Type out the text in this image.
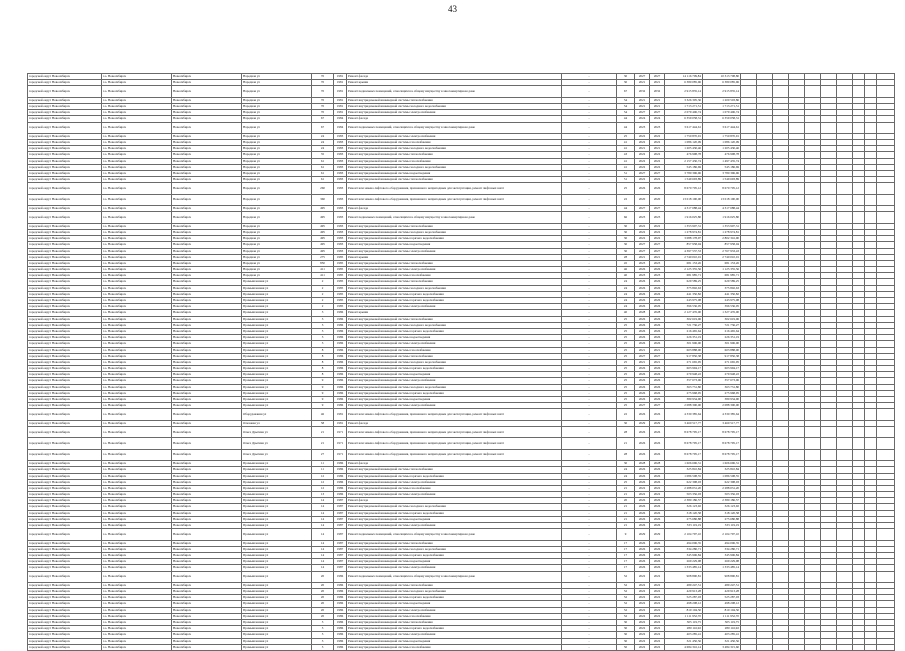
43
городской округ Новосибирск	г.о. Новосибирск	Новосибирск	Народная ул	70	1981	Ремонт фасада	-	30	2027	2027	14 116 709,84	10 313 708,80										
городской округ Новосибирск	г.о. Новосибирск	Новосибирск	Народная ул	70	1981	Ремонт крыши	-	30	2021	2021	6 380 085,96	6 380 085,96										
городской округ Новосибирск	г.о. Новосибирск	Новосибирск	Народная ул	70	1981	Ремонт подвальных помещений, относящихся к общему имуществу в многоквартирном доме	-	67	2032	2032	2 915 835,14	2 915 835,14										
городской округ Новосибирск	г.о. Новосибирск	Новосибирск	Народная ул	70	1981	Ремонт внутридомовой инженерной системы теплоснабжения	-	54	2021	2021	3 326 305,36	1 200 503,86										
городской округ Новосибирск	г.о. Новосибирск	Новосибирск	Народная ул	70	1981	Ремонт внутридомовой инженерной системы холодного водоснабжения	-	54	2021	2021	1 713 271,51	1 713 271,51										
городской округ Новосибирск	г.о. Новосибирск	Новосибирск	Народная ул	70	1981	Ремонт внутридомовой инженерной системы электроснабжения	-	54	2027	2027	2 079 406,74	1 079 406,74										
городской округ Новосибирск	г.о. Новосибирск	Новосибирск	Народная ул	67	1984	Ремонт фасада	-	44	2024	2024	6 359 058,31	6 359 058,31										
городской округ Новосибирск	г.о. Новосибирск	Новосибирск	Народная ул	67	1984	Ремонт подвальных помещений, относящихся к общему имуществу в многоквартирном доме	-	44	2023	2023	3 617 444,61	3 617 444,61										
городской округ Новосибирск	г.о. Новосибирск	Новосибирск	Народная ул	24	1983	Ремонт внутридомовой инженерной системы электроснабжения	-	25	2022	2022	1 750 870,91	1 750 870,91										
городской округ Новосибирск	г.о. Новосибирск	Новосибирск	Народная ул	24	1983	Ремонт внутридомовой инженерной системы газоснабжения	-	41	2022	2022	1 086 120,09	1 086 120,09										
городской округ Новосибирск	г.о. Новосибирск	Новосибирск	Народная ул	24	1983	Ремонт внутридомовой инженерной системы холодного водоснабжения	-	41	2021	2021	1 205 430,46	1 205 430,46										
городской округ Новосибирск	г.о. Новосибирск	Новосибирск	Народная ул	35	1983	Ремонт внутридомовой инженерной системы теплоснабжения	-	43	2022	2022	476 998,78	476 998,78										
городской округ Новосибирск	г.о. Новосибирск	Новосибирск	Народная ул	61	1983	Ремонт внутридомовой инженерной системы газоснабжения	-	41	2022	2022	2 157 430,74	1 497 435,74										
городской округ Новосибирск	г.о. Новосибирск	Новосибирск	Народная ул	61	1983	Ремонт внутридомовой инженерной системы холодного водоснабжения	-	41	2022	2022	545 186,69	545 186,69										
городской округ Новосибирск	г.о. Новосибирск	Новосибирск	Народная ул	61	1983	Ремонт внутридомовой инженерной системы водоотведения	-	51	2027	2027	3 780 396,96	3 780 396,96										
городской округ Новосибирск	г.о. Новосибирск	Новосибирск	Народная ул	61	1983	Ремонт внутридомовой инженерной системы теплоснабжения	-	51	2022	2022	1 549 693,89	1 549 693,89										
городской округ Новосибирск	г.о. Новосибирск	Новосибирск	Народная ул	260	1983	Ремонт или замена лифтового оборудования, признанного непригодным для эксплуатации, ремонт лифтовых шахт	-	25	2026	2026	8 670 705,12	8 670 705,12										
городской округ Новосибирск	г.о. Новосибирск	Новосибирск	Народная ул	360	1983	Ремонт или замена лифтового оборудования, признанного непригодным для эксплуатации, ремонт лифтовых шахт	-	22	2020	2020	13 018 190,00	13 018 190,00										
городской округ Новосибирск	г.о. Новосибирск	Новосибирск	Народная ул	495	1983	Ремонт фасада	-	44	2027	2027	4 317 688,44	4 317 688,44										
городской округ Новосибирск	г.о. Новосибирск	Новосибирск	Народная ул	495	1983	Ремонт подвальных помещений, относящихся к общему имуществу в многоквартирном доме	-	66	2023	2023	1 916 025,80	1 916 025,80										
городской округ Новосибирск	г.о. Новосибирск	Новосибирск	Народная ул	495	1983	Ремонт внутридомовой инженерной системы теплоснабжения	-	30	2022	2022	1 353 907,31	1 353 907,31										
городской округ Новосибирск	г.о. Новосибирск	Новосибирск	Народная ул	495	1983	Ремонт внутридомовой инженерной системы холодного водоснабжения	-	30	2022	2022	1 278 974,81	1 278 974,81										
городской округ Новосибирск	г.о. Новосибирск	Новосибирск	Народная ул	495	1983	Ремонт внутридомовой инженерной системы горячего водоснабжения	-	30	2022	2022	3 088 178,97	2 802 316,90										
городской округ Новосибирск	г.о. Новосибирск	Новосибирск	Народная ул	495	1983	Ремонт внутридомовой инженерной системы водоотведения	-	30	2027	2027	857 958,04	857 958,04										
городской округ Новосибирск	г.о. Новосибирск	Новосибирск	Народная ул	495	1983	Ремонт внутридомовой инженерной системы электроснабжения	-	30	2027	2027	4 397 537,53	2 767 933,43										
городской округ Новосибирск	г.о. Новосибирск	Новосибирск	Народная ул	275	1985	Ремонт крыши	-	28	2021	2021	2 740 010,01	2 740 010,01										
городской округ Новосибирск	г.о. Новосибирск	Новосибирск	Народная ул	850	1985	Ремонт внутридомовой инженерной системы теплоснабжения	-	45	2023	2023	681 153,26	681 153,26										
городской округ Новосибирск	г.о. Новосибирск	Новосибирск	Народная ул	411	1985	Ремонт внутридомовой инженерной системы электроснабжения	-	46	2026	2026	2 125 355,56	1 125 355,56										
городской округ Новосибирск	г.о. Новосибирск	Новосибирск	Народная ул	411	1985	Ремонт внутридомовой инженерной системы газоснабжения	-	40	2023	2023	681 985,71	681 985,71										
городской округ Новосибирск	г.о. Новосибирск	Новосибирск	Промышленная ул	2	1985	Ремонт внутридомовой инженерной системы теплоснабжения	-	24	2026	2026	629 589,25	629 589,25										
городской округ Новосибирск	г.о. Новосибирск	Новосибирск	Промышленная ул	2	1985	Ремонт внутридомовой инженерной системы холодного водоснабжения	-	24	2026	2026	375 802,63	375 802,63										
городской округ Новосибирск	г.о. Новосибирск	Новосибирск	Промышленная ул	2	1985	Ремонт внутридомовой инженерной системы горячего водоснабжения	-	24	2026	2026	441 350,82	441 350,82										
городской округ Новосибирск	г.о. Новосибирск	Новосибирск	Промышленная ул	2	1985	Ремонт внутридомовой инженерной системы горячего водоснабжения	-	24	2026	2026	243 975,08	243 975,08										
городской округ Новосибирск	г.о. Новосибирск	Новосибирск	Промышленная ул	2	1985	Ремонт внутридомовой инженерной системы электроснабжения	-	24	2026	2026	396 536,05	396 536,05										
городской округ Новосибирск	г.о. Новосибирск	Новосибирск	Промышленная ул	3	1986	Ремонт крыши	-	40	2028	2028	2 127 476,00	1 327 476,00										
городской округ Новосибирск	г.о. Новосибирск	Новосибирск	Промышленная ул	3	1986	Ремонт внутридомовой инженерной системы теплоснабжения	-	25	2026	2026	302 619,06	302 619,06										
городской округ Новосибирск	г.о. Новосибирск	Новосибирск	Промышленная ул	3	1986	Ремонт внутридомовой инженерной системы холодного водоснабжения	-	25	2026	2026	721 736,27	721 736,27										
городской округ Новосибирск	г.о. Новосибирск	Новосибирск	Промышленная ул	3	1986	Ремонт внутридомовой инженерной системы горячего водоснабжения	-	25	2026	2026	216 465,64	216 465,64										
городской округ Новосибирск	г.о. Новосибирск	Новосибирск	Промышленная ул	3	1986	Ремонт внутридомовой инженерной системы водоотведения	-	25	2026	2026	226 351,19	226 351,19										
городской округ Новосибирск	г.о. Новосибирск	Новосибирск	Промышленная ул	3	1986	Ремонт внутридомовой инженерной системы электроснабжения	-	25	2026	2026	301 906,00	301 906,00										
городской округ Новосибирск	г.о. Новосибирск	Новосибирск	Промышленная ул	8	1986	Ремонт внутридомовой инженерной системы газоснабжения	-	25	2021	2021	603 888,00	603 888,00										
городской округ Новосибирск	г.о. Новосибирск	Новосибирск	Промышленная ул	8	1986	Ремонт внутридомовой инженерной системы теплоснабжения	-	25	2027	2027	917 850,38	917 850,38										
городской округ Новосибирск	г.о. Новосибирск	Новосибирск	Промышленная ул	8	1986	Ремонт внутридомовой инженерной системы холодного водоснабжения	-	25	2021	2021	271 665,95	271 665,95										
городской округ Новосибирск	г.о. Новосибирск	Новосибирск	Промышленная ул	8	1986	Ремонт внутридомовой инженерной системы горячего водоснабжения	-	25	2026	2026	603 994,17	603 994,17										
городской округ Новосибирск	г.о. Новосибирск	Новосибирск	Промышленная ул	8	1986	Ремонт внутридомовой инженерной системы водоотведения	-	25	2026	2026	279 948,22	279 948,22										
городской округ Новосибирск	г.о. Новосибирск	Новосибирск	Промышленная ул	9	1986	Ремонт внутридомовой инженерной системы электроснабжения	-	25	2026	2026	357 673,06	357 673,06										
городской округ Новосибирск	г.о. Новосибирск	Новосибирск	Промышленная ул	9	1986	Ремонт внутридомовой инженерной системы холодного водоснабжения	-	25	2026	2026	363 731,80	363 731,80										
городской округ Новосибирск	г.о. Новосибирск	Новосибирск	Промышленная ул	9	1986	Ремонт внутридомовой инженерной системы горячего водоснабжения	-	25	2026	2026	275 968,95	275 968,95										
городской округ Новосибирск	г.о. Новосибирск	Новосибирск	Промышленная ул	9	1986	Ремонт внутридомовой инженерной системы водоотведения	-	25	2026	2026	380 934,90	380 934,90										
городской округ Новосибирск	г.о. Новосибирск	Новосибирск	Промышленная ул	9	1986	Ремонт внутридомовой инженерной системы электроснабжения	-	25	2027	2027	2 088 300,00	2 088 300,00										
городской округ Новосибирск	г.о. Новосибирск	Новосибирск	Оборудования ул	46	1981	Ремонт или замена лифтового оборудования, признанного непригодным для эксплуатации, ремонт лифтовых шахт	-	22	2026	2026	4 330 385,64	4 330 385,64										
городской округ Новосибирск	г.о. Новосибирск	Новосибирск	Ольховая ул	58	1981	Ремонт фасада	-	30	2029	2029	3 460 517,77	3 460 517,77										
городской округ Новосибирск	г.о. Новосибирск	Новосибирск	Ольга Дрыгина ул	21	1971	Ремонт или замена лифтового оборудования, признанного непригодным для эксплуатации, ремонт лифтовых шахт	-	28	2026	2026	8 678 795,17	8 678 795,17										
городской округ Новосибирск	г.о. Новосибирск	Новосибирск	Ольга Дрыгина ул	21	1971	Ремонт или замена лифтового оборудования, признанного непригодным для эксплуатации, ремонт лифтовых шахт	-	21	2026	2026	8 678 795,17	8 678 795,17										
городской округ Новосибирск	г.о. Новосибирск	Новосибирск	Ольга Дрыгина ул	27	1971	Ремонт или замена лифтового оборудования, признанного непригодным для эксплуатации, ремонт лифтовых шахт	-	28	2026	2026	8 678 795,17	8 678 795,17										
городской округ Новосибирск	г.о. Новосибирск	Новосибирск	Промышленная ул	11	1986	Ремонт фасада	-	30	2028	2028	1 606 696,31	1 606 696,31										
городской округ Новосибирск	г.о. Новосибирск	Новосибирск	Промышленная ул	11	1986	Ремонт внутридомовой инженерной системы теплоснабжения	-	24	2026	2026	325 810,84	325 810,84										
городской округ Новосибирск	г.о. Новосибирск	Новосибирск	Промышленная ул	12	1986	Ремонт внутридомовой инженерной системы горячего водоснабжения	-	24	2026	2026	1 086 508,55	1 086 508,55										
городской округ Новосибирск	г.о. Новосибирск	Новосибирск	Промышленная ул	12	1986	Ремонт внутридомовой инженерной системы электроснабжения	-	25	2026	2026	622 398,03	622 398,03										
городской округ Новосибирск	г.о. Новосибирск	Новосибирск	Промышленная ул	12	1986	Ремонт внутридомовой инженерной системы газоснабжения	-	21	2022	2022	2 288 031,20	2 288 031,20										
городской округ Новосибирск	г.о. Новосибирск	Новосибирск	Промышленная ул	13	1986	Ремонт внутридомовой инженерной системы электроснабжения	-	21	2022	2022	503 356,03	503 356,03										
городской округ Новосибирск	г.о. Новосибирск	Новосибирск	Промышленная ул	14	1987	Ремонт фасада	-	20	2026	2026	2 380 186,57	2 380 186,57										
городской округ Новосибирск	г.о. Новосибирск	Новосибирск	Промышленная ул	14	1987	Ремонт внутридомовой инженерной системы холодного водоснабжения	-	21	2026	2026	326 123,92	326 123,92										
городской округ Новосибирск	г.о. Новосибирск	Новосибирск	Промышленная ул	14	1987	Ремонт внутридомовой инженерной системы горячего водоснабжения	-	21	2026	2026	318 120,58	318 120,58										
городской округ Новосибирск	г.о. Новосибирск	Новосибирск	Промышленная ул	14	1987	Ремонт внутридомовой инженерной системы водоотведения	-	21	2026	2026	275 680,88	275 680,88										
городской округ Новосибирск	г.о. Новосибирск	Новосибирск	Промышленная ул	14	1987	Ремонт внутридомовой инженерной системы электроснабжения	-	21	2026	2026	333 119,19	333 119,19										
городской округ Новосибирск	г.о. Новосибирск	Новосибирск	Промышленная ул	14	1987	Ремонт подвальных помещений, относящихся к общему имуществу в многоквартирном доме	-	9	2029	2029	2 104 797,10	2 104 797,10										
городской округ Новосибирск	г.о. Новосибирск	Новосибирск	Промышленная ул	14	1987	Ремонт внутридомовой инженерной системы теплоснабжения	-	17	2026	2026	494 006,35	494 006,35										
городской округ Новосибирск	г.о. Новосибирск	Новосибирск	Промышленная ул	14	1987	Ремонт внутридомовой инженерной системы холодного водоснабжения	-	17	2026	2026	334 280,71	334 280,71										
городской округ Новосибирск	г.о. Новосибирск	Новосибирск	Промышленная ул	14	1987	Ремонт внутридомовой инженерной системы горячего водоснабжения	-	17	2026	2026	345 906,84	345 906,84										
городской округ Новосибирск	г.о. Новосибирск	Новосибирск	Промышленная ул	14	1987	Ремонт внутридомовой инженерной системы водоотведения	-	17	2026	2026	269 229,98	269 229,98										
городской округ Новосибирск	г.о. Новосибирск	Новосибирск	Промышленная ул	14	1987	Ремонт внутридомовой инженерной системы электроснабжения	-	17	2026	2026	1 333 485,14	1 333 485,14										
городской округ Новосибирск	г.о. Новосибирск	Новосибирск	Промышленная ул	20	1986	Ремонт подвальных помещений, относящихся к общему имуществу в многоквартирном доме	-	52	2022	2022	908 890,81	908 890,81										
городской округ Новосибирск	г.о. Новосибирск	Новосибирск	Промышленная ул	20	1986	Ремонт внутридомовой инженерной системы теплоснабжения	-	52	2022	2022	489 247,51	489 247,51										
городской округ Новосибирск	г.о. Новосибирск	Новосибирск	Промышленная ул	20	1986	Ремонт внутридомовой инженерной системы холодного водоснабжения	-	52	2022	2022	429 913,28	429 913,28										
городской округ Новосибирск	г.о. Новосибирск	Новосибирск	Промышленная ул	20	1986	Ремонт внутридомовой инженерной системы горячего водоснабжения	-	52	2022	2022	525 287,03	525 287,03										
городской округ Новосибирск	г.о. Новосибирск	Новосибирск	Промышленная ул	20	1986	Ремонт внутридомовой инженерной системы водоотведения	-	52	2022	2022	498 208,12	498 208,12										
городской округ Новосибирск	г.о. Новосибирск	Новосибирск	Промышленная ул	20	1986	Ремонт внутридомовой инженерной системы электроснабжения	-	52	2022	2022	810 104,50	810 104,50										
городской округ Новосибирск	г.о. Новосибирск	Новосибирск	Промышленная ул	20	1986	Ремонт внутридомовой инженерной системы газоснабжения	-	52	2022	2022	1 111 952,70	1 111 952,70										
городской округ Новосибирск	г.о. Новосибирск	Новосибирск	Промышленная ул	3	1986	Ремонт внутридомовой инженерной системы теплоснабжения	-	30	2022	2022	305 119,75	305 119,75										
городской округ Новосибирск	г.о. Новосибирск	Новосибирск	Промышленная ул	3	1986	Ремонт внутридомовой инженерной системы горячего водоснабжения	-	30	2022	2022	280 116,92	280 116,92										
городской округ Новосибирск	г.о. Новосибирск	Новосибирск	Промышленная ул	3	1986	Ремонт внутридомовой инженерной системы электроснабжения	-	30	2022	2022	403 285,41	403 285,41										
городской округ Новосибирск	г.о. Новосибирск	Новосибирск	Промышленная ул	3	1986	Ремонт внутридомовой инженерной системы водоотведения	-	30	2022	2022	321 450,56	321 450,56										
городской округ Новосибирск	г.о. Новосибирск	Новосибирск	Промышленная ул	3	1986	Ремонт внутридомовой инженерной системы газоснабжения	-	50	2022	2022	4 684 316,14	3 484 315,60										
